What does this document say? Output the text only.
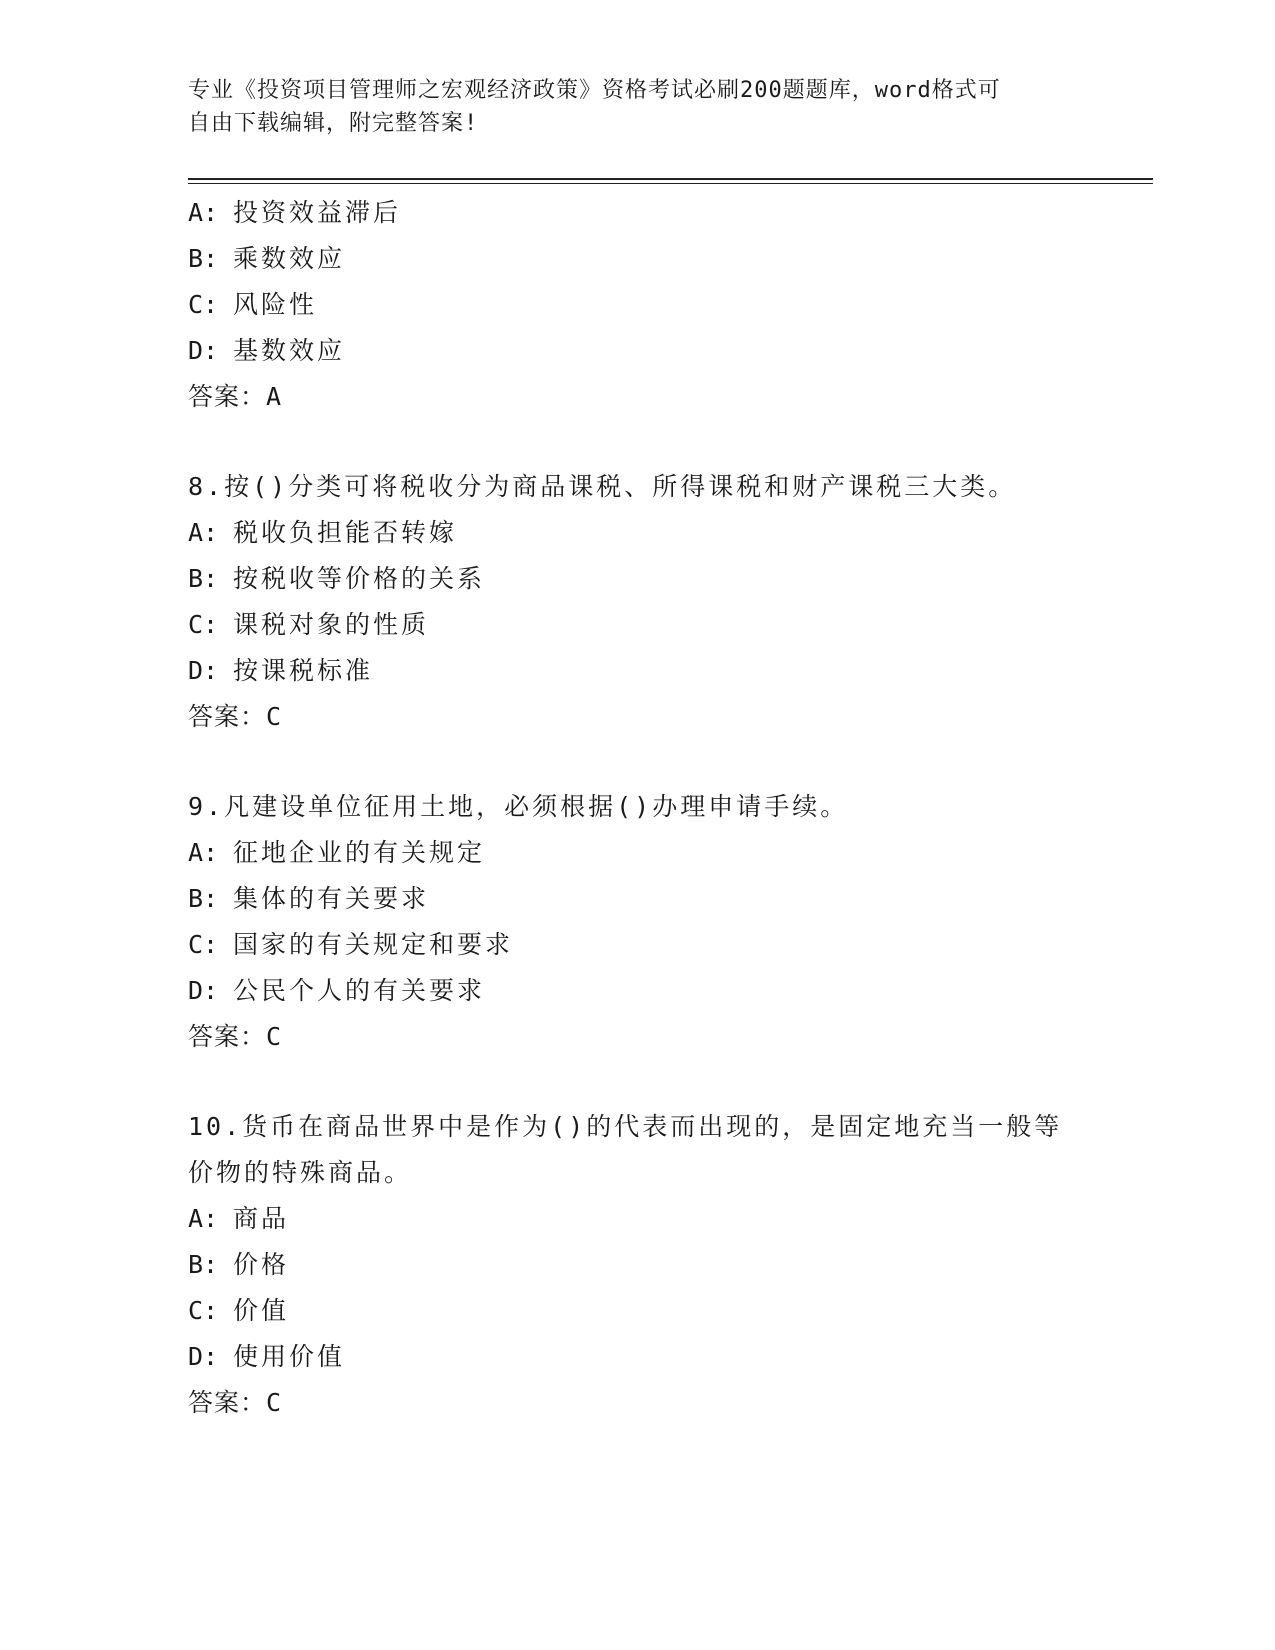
专业《投资项目管理师之宏观经济政策》资格考试必刷200题题库，word格式可
自由下载编辑，附完整答案!
A: 投资效益滞后
B: 乘数效应
C: 风险性
D: 基数效应
答案：A
8.按()分类可将税收分为商品课税、所得课税和财产课税三大类。
A: 税收负担能否转嫁
B: 按税收等价格的关系
C: 课税对象的性质
D: 按课税标准
答案：C
9.凡建设单位征用土地，必须根据()办理申请手续。
A: 征地企业的有关规定
B: 集体的有关要求
C: 国家的有关规定和要求
D: 公民个人的有关要求
答案：C
10.货币在商品世界中是作为()的代表而出现的，是固定地充当一般等
价物的特殊商品。
A: 商品
B: 价格
C: 价值
D: 使用价值
答案：C
